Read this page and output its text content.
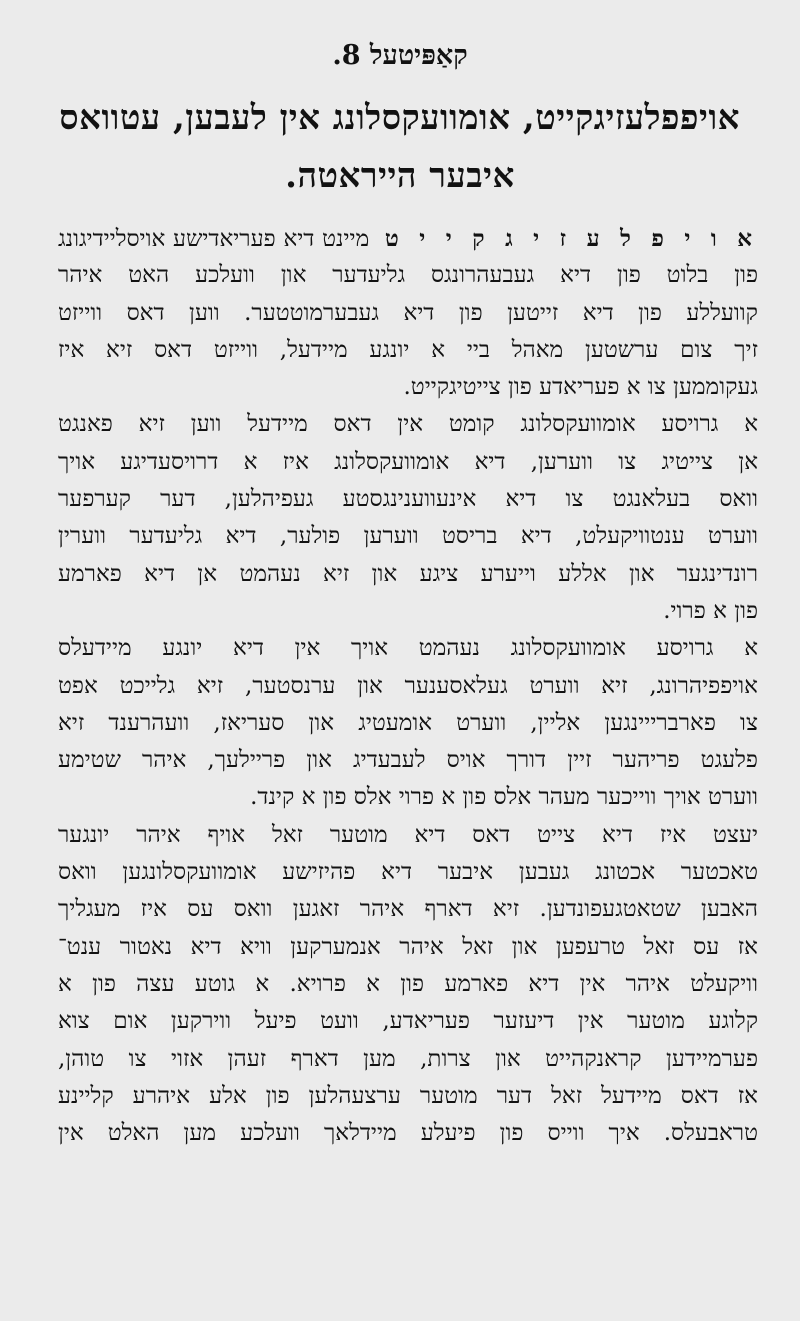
קאַפּיטעל 8.
אויפפלעזיגקייט, אומוועקסלונג אין לעבען, עטוואס
איבער הייראטה.
א ו י פ ל ע ז י ג ק י י ט  מיינט דיא פעריאדישע אויסליידיגונג
פון בלוט פון דיא געבעהרונגס גליעדער און וועלכע האט איהר
קוועללע פון דיא זייטען פון דיא געבערמוטטער. ווען דאס ווייזט
זיך צום ערשטען מאהל ביי א יונגע מיידעל, ווייזט דאס זיא איז
געקוממען צו א פעריאדע פון צייטיגקייט.
א גרויסע אומוועקסלונג קומט אין דאס מיידעל ווען זיא פאנגט
אן צייטיג צו ווערען, דיא אומוועקסלונג איז א דרויסעדיגע אויך
וואס בעלאנגט צו דיא אינעווענינגסטע געפיהלען, דער קערפער
ווערט ענטוויקעלט, דיא בריסט ווערען פולער, דיא גליעדער ווערין
רונדינגער און אללע וייערע ציגע און זיא נעהמט אן דיא פארמע
פון א פרוי.
א גרויסע אומוועקסלונג נעהמט אויך אין דיא יונגע מיידעלס
אויפפיהרונג, זיא ווערט געלאסענער און ערנסטער, זיא גלייכט אפט
צו פארברייינגען אליין, ווערט אומעטיג און סעריאז, וועהרענד זיא
פלעגט פריהער זיין דורך אויס לעבעדיג און פריילעך, איהר שטימע
ווערט אויך ווייכער מעהר אלס פון א פרוי אלס פון א קינד.
יעצט איז דיא צייט דאס דיא מוטער זאל אויף איהר יונגער
טאכטער אכטונג געבען איבער דיא פהיזישע אומוועקסלונגען וואס
האבען שטאטגעפונדען. זיא דארף איהר זאגען וואס עס איז מעגליך
אז עס זאל טרעפען און זאל איהר אנמערקען וויא דיא נאטור ענט־
וויקעלט איהר אין דיא פארמע פון א פרויא. א גוטע עצה פון א
קלוגע מוטער אין דיעזער פעריאדע, וועט פיעל ווירקען אום צוא
פערמיידען קראנקהייט און צרות, מען דארף זעהן אזוי צו טוהן,
אז דאס מיידעל זאל דער מוטער ערצעהלען פון אלע איהרע קליינע
טראבעלס. איך ווייס פון פיעלע מיידלאך וועלכע מען האלט אין
